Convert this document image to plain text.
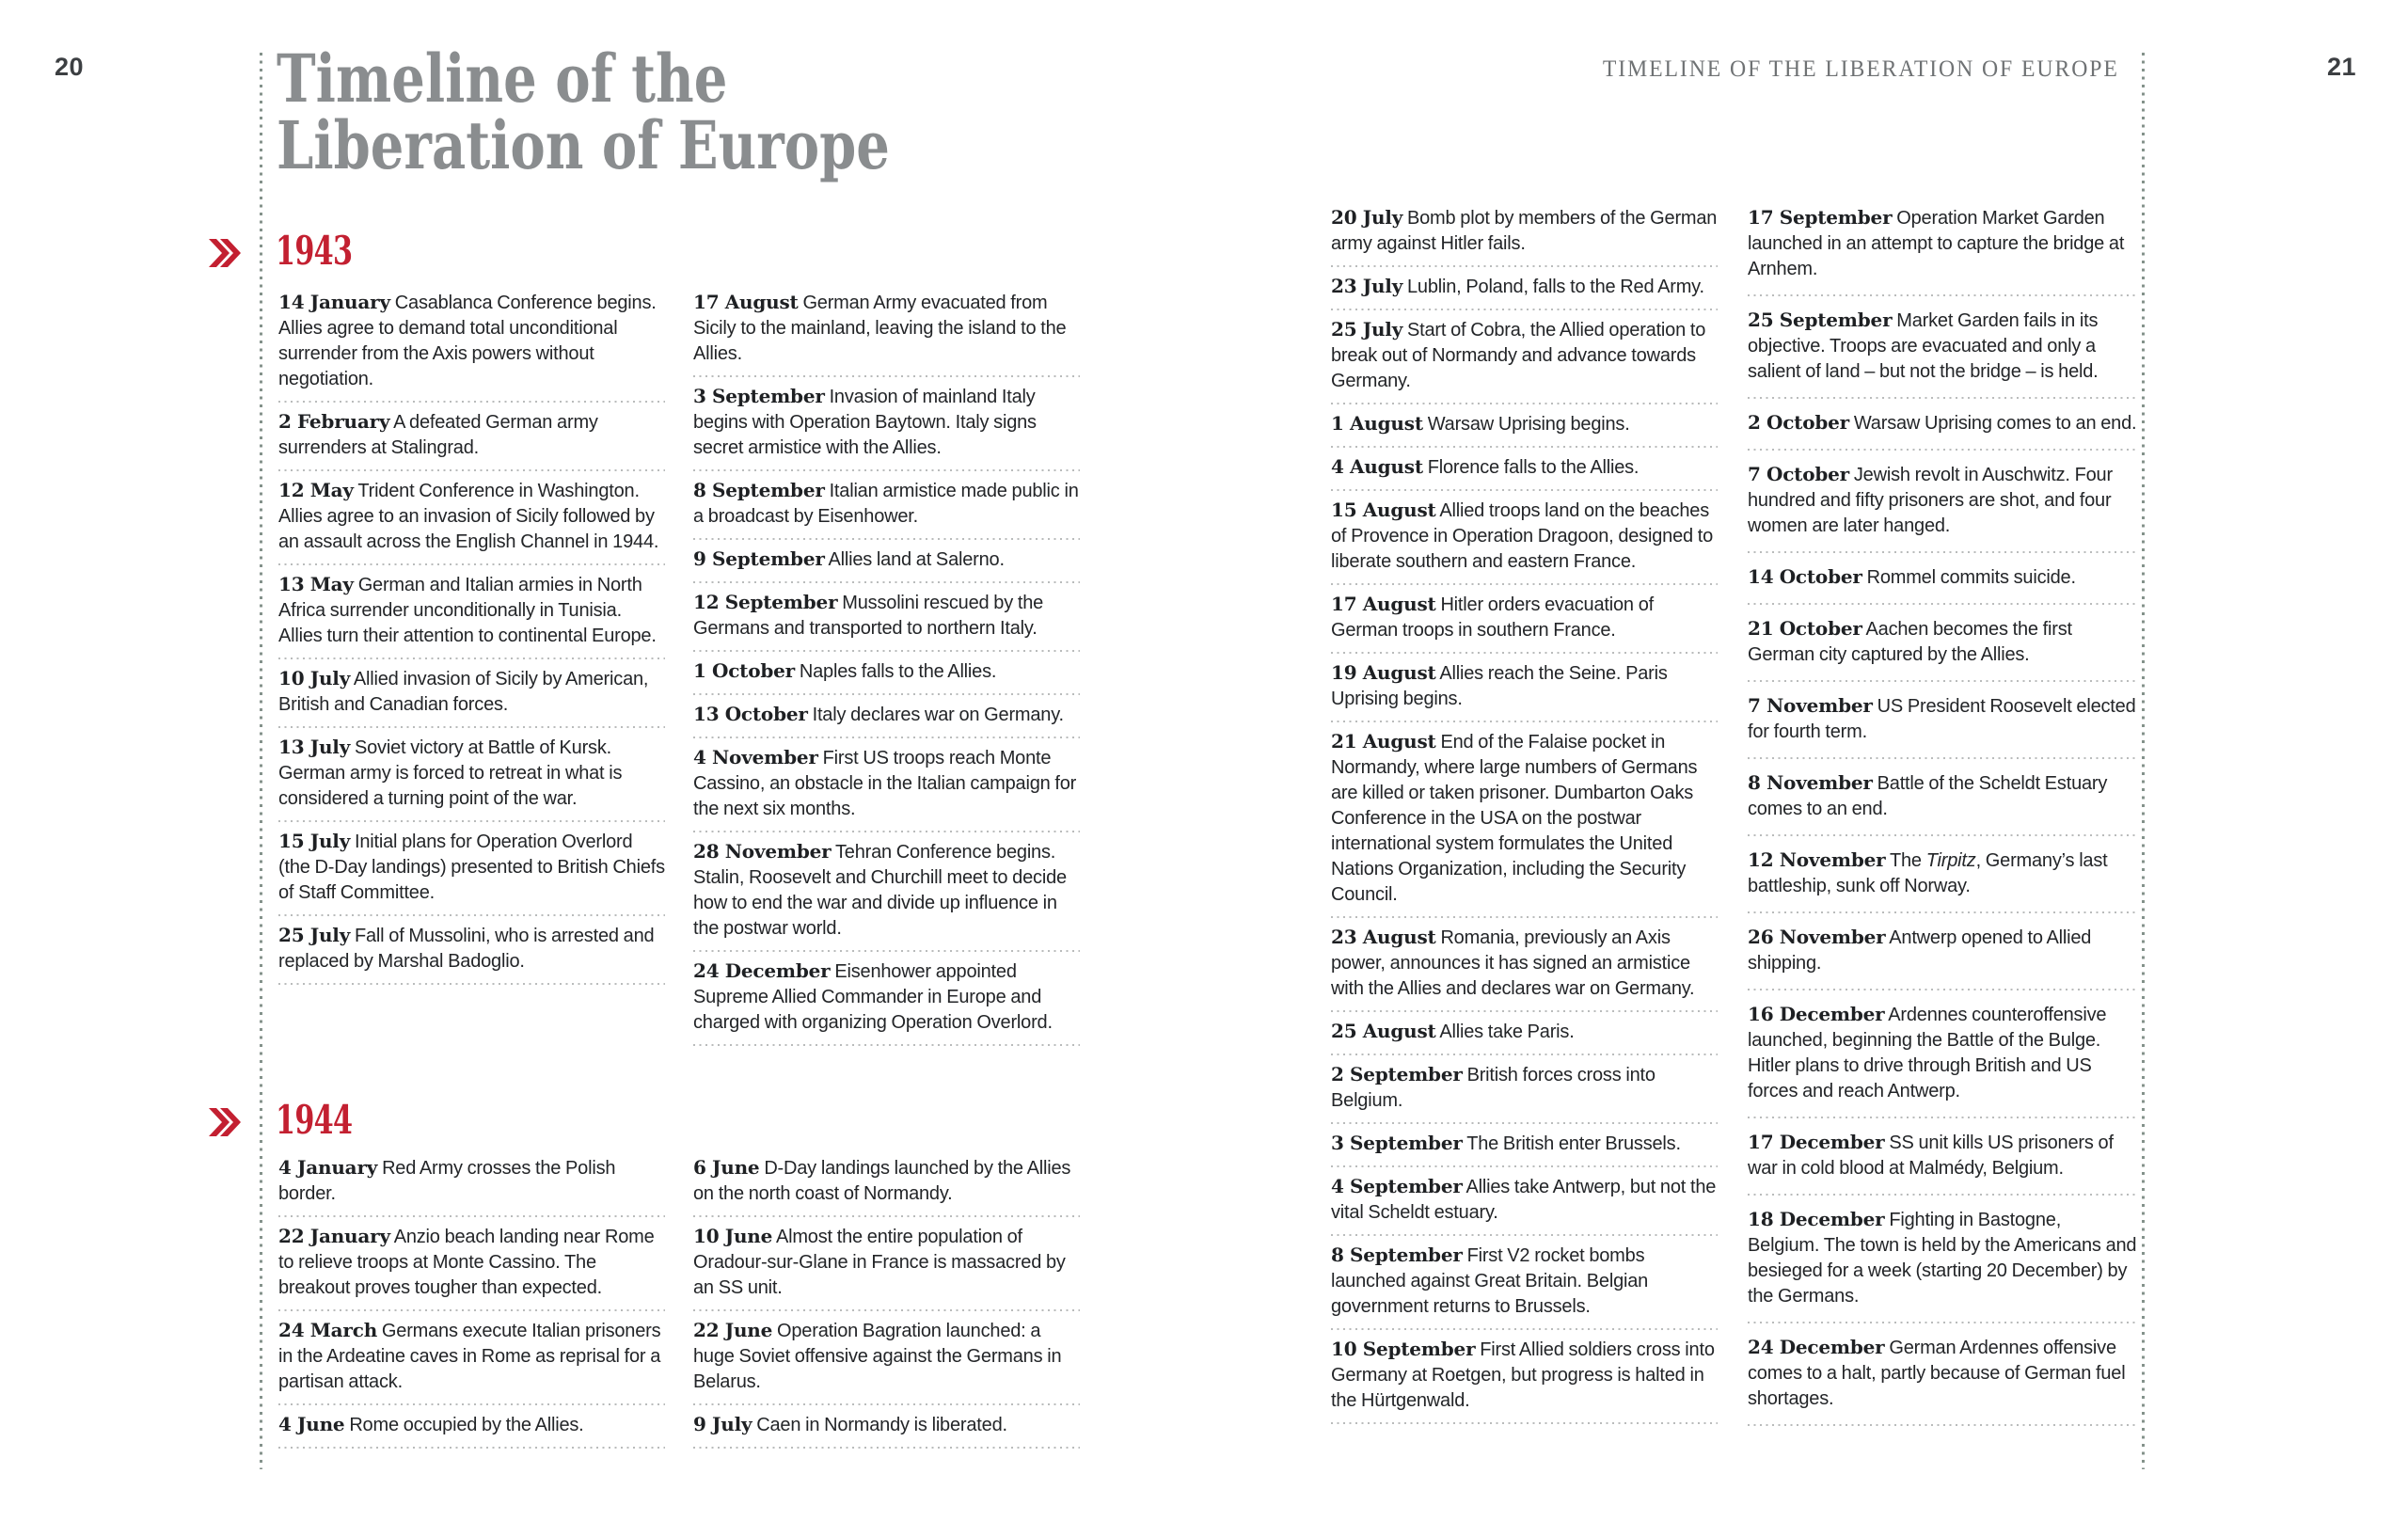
20	Timeline of the
Liberation of Europe
1943
14 January Casablanca Conference begins. Allies agree to demand total unconditional surrender from the Axis powers without negotiation.
2 February A defeated German army surrenders at Stalingrad.
12 May Trident Conference in Washington. Allies agree to an invasion of Sicily followed by an assault across the English Channel in 1944.
13 May German and Italian armies in North Africa surrender unconditionally in Tunisia. Allies turn their attention to continental Europe.
10 July Allied invasion of Sicily by American, British and Canadian forces.
13 July Soviet victory at Battle of Kursk. German army is forced to retreat in what is considered a turning point of the war.
15 July Initial plans for Operation Overlord (the D-Day landings) presented to British Chiefs of Staff Committee.
25 July Fall of Mussolini, who is arrested and replaced by Marshal Badoglio.
17 August German Army evacuated from Sicily to the mainland, leaving the island to the Allies.
3 September Invasion of mainland Italy begins with Operation Baytown. Italy signs secret armistice with the Allies.
8 September Italian armistice made public in a broadcast by Eisenhower.
9 September Allies land at Salerno.
12 September Mussolini rescued by the Germans and transported to northern Italy.
1 October Naples falls to the Allies.
13 October Italy declares war on Germany.
4 November First US troops reach Monte Cassino, an obstacle in the Italian campaign for the next six months.
28 November Tehran Conference begins. Stalin, Roosevelt and Churchill meet to decide how to end the war and divide up influence in the postwar world.
24 December Eisenhower appointed Supreme Allied Commander in Europe and charged with organizing Operation Overlord.
1944
4 January Red Army crosses the Polish border.
22 January Anzio beach landing near Rome to relieve troops at Monte Cassino. The breakout proves tougher than expected.
24 March Germans execute Italian prisoners in the Ardeatine caves in Rome as reprisal for a partisan attack.
4 June Rome occupied by the Allies.
6 June D-Day landings launched by the Allies on the north coast of Normandy.
10 June Almost the entire population of Oradour-sur-Glane in France is massacred by an SS unit.
22 June Operation Bagration launched: a huge Soviet offensive against the Germans in Belarus.
9 July Caen in Normandy is liberated.
TIMELINE OF THE LIBERATION OF EUROPE	21
20 July Bomb plot by members of the German army against Hitler fails.
23 July Lublin, Poland, falls to the Red Army.
25 July Start of Cobra, the Allied operation to break out of Normandy and advance towards Germany.
1 August Warsaw Uprising begins.
4 August Florence falls to the Allies.
15 August Allied troops land on the beaches of Provence in Operation Dragoon, designed to liberate southern and eastern France.
17 August Hitler orders evacuation of German troops in southern France.
19 August Allies reach the Seine. Paris Uprising begins.
21 August End of the Falaise pocket in Normandy, where large numbers of Germans are killed or taken prisoner. Dumbarton Oaks Conference in the USA on the postwar international system formulates the United Nations Organization, including the Security Council.
23 August Romania, previously an Axis power, announces it has signed an armistice with the Allies and declares war on Germany.
25 August Allies take Paris.
2 September British forces cross into Belgium.
3 September The British enter Brussels.
4 September Allies take Antwerp, but not the vital Scheldt estuary.
8 September First V2 rocket bombs launched against Great Britain. Belgian government returns to Brussels.
10 September First Allied soldiers cross into Germany at Roetgen, but progress is halted in the Hürtgenwald.
17 September Operation Market Garden launched in an attempt to capture the bridge at Arnhem.
25 September Market Garden fails in its objective. Troops are evacuated and only a salient of land – but not the bridge – is held.
2 October Warsaw Uprising comes to an end.
7 October Jewish revolt in Auschwitz. Four hundred and fifty prisoners are shot, and four women are later hanged.
14 October Rommel commits suicide.
21 October Aachen becomes the first German city captured by the Allies.
7 November US President Roosevelt elected for fourth term.
8 November Battle of the Scheldt Estuary comes to an end.
12 November The Tirpitz, Germany’s last battleship, sunk off Norway.
26 November Antwerp opened to Allied shipping.
16 December Ardennes counteroffensive launched, beginning the Battle of the Bulge. Hitler plans to drive through British and US forces and reach Antwerp.
17 December SS unit kills US prisoners of war in cold blood at Malmédy, Belgium.
18 December Fighting in Bastogne, Belgium. The town is held by the Americans and besieged for a week (starting 20 December) by the Germans.
24 December German Ardennes offensive comes to a halt, partly because of German fuel shortages.
